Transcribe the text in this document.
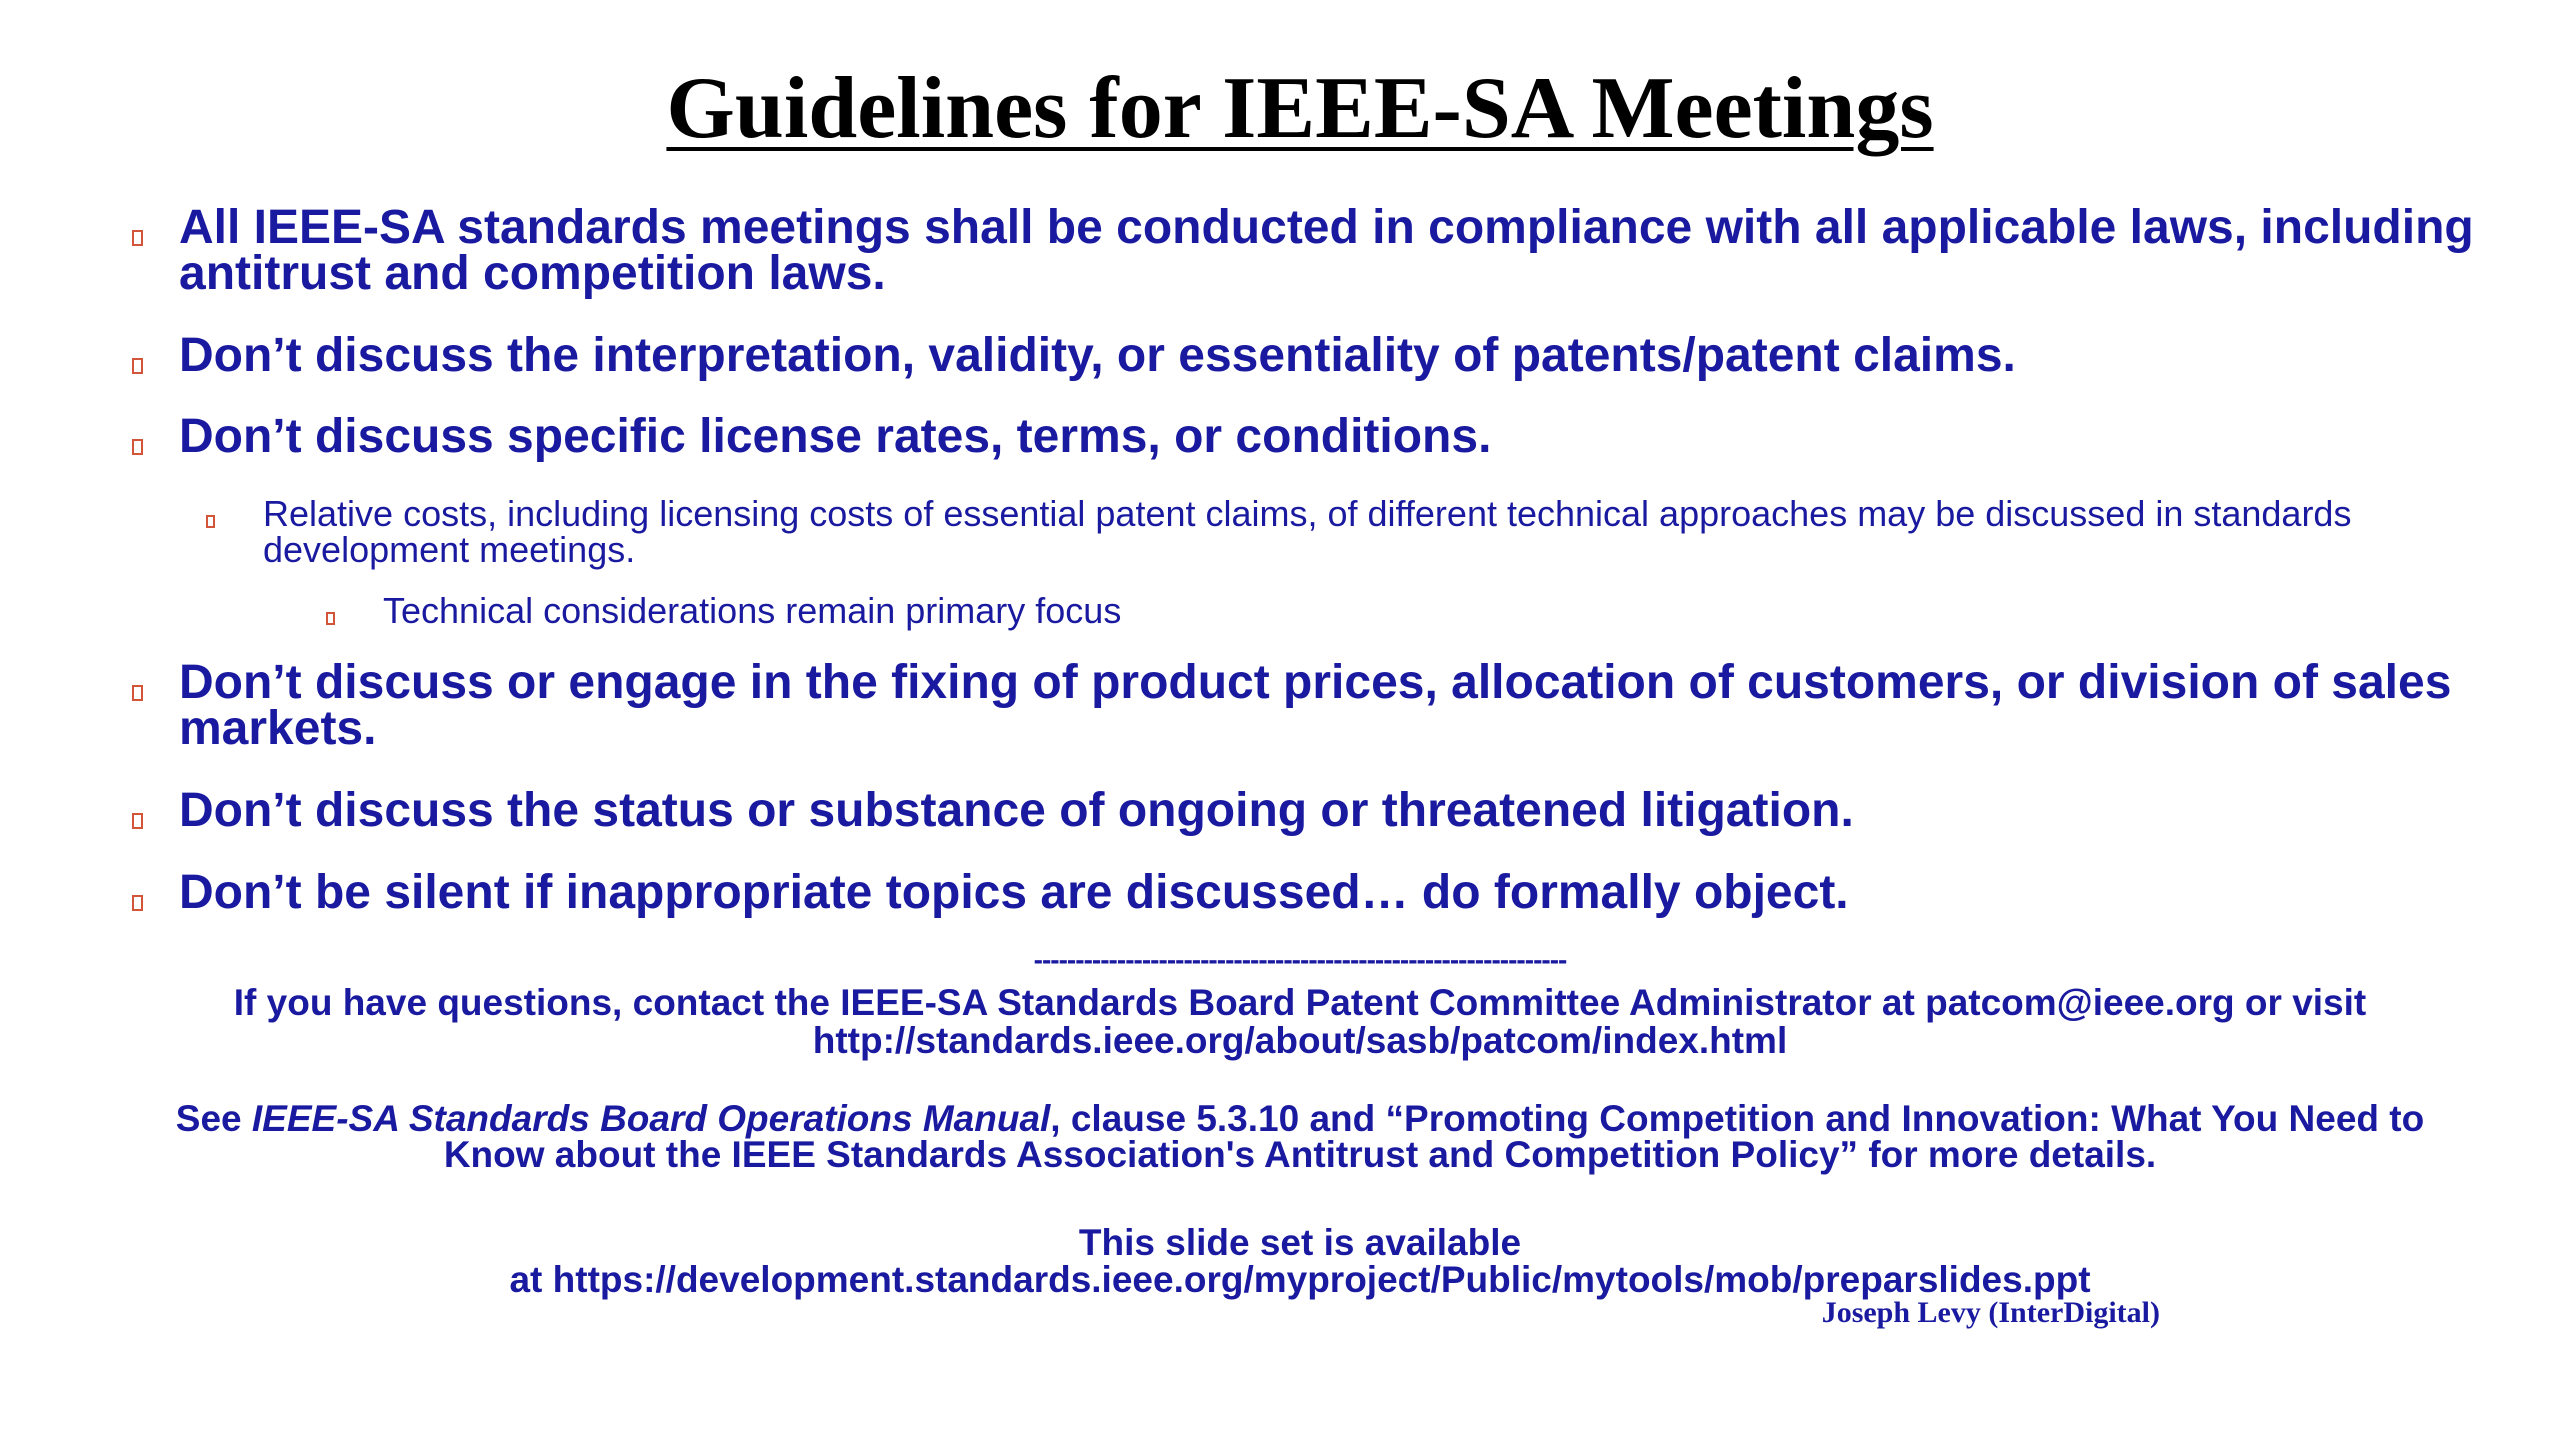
Guidelines for IEEE-SA Meetings
All IEEE-SA standards meetings shall be conducted in compliance with all applicable laws, including antitrust and competition laws.
Don’t discuss the interpretation, validity, or essentiality of patents/patent claims.
Don’t discuss specific license rates, terms, or conditions.
Relative costs, including licensing costs of essential patent claims, of different technical approaches may be discussed in standards development meetings.
Technical considerations remain primary focus
Don’t discuss or engage in the fixing of product prices, allocation of customers, or division of sales markets.
Don’t discuss the status or substance of ongoing or threatened litigation.
Don’t be silent if inappropriate topics are discussed… do formally object.
----------------------------------------------------------------
If you have questions, contact the IEEE-SA Standards Board Patent Committee Administrator at patcom@ieee.org or visit
http://standards.ieee.org/about/sasb/patcom/index.html
See IEEE-SA Standards Board Operations Manual, clause 5.3.10 and “Promoting Competition and Innovation: What You Need to
Know about the IEEE Standards Association's Antitrust and Competition Policy” for more details.
This slide set is available
at https://development.standards.ieee.org/myproject/Public/mytools/mob/preparslides.ppt
Joseph Levy (InterDigital)
